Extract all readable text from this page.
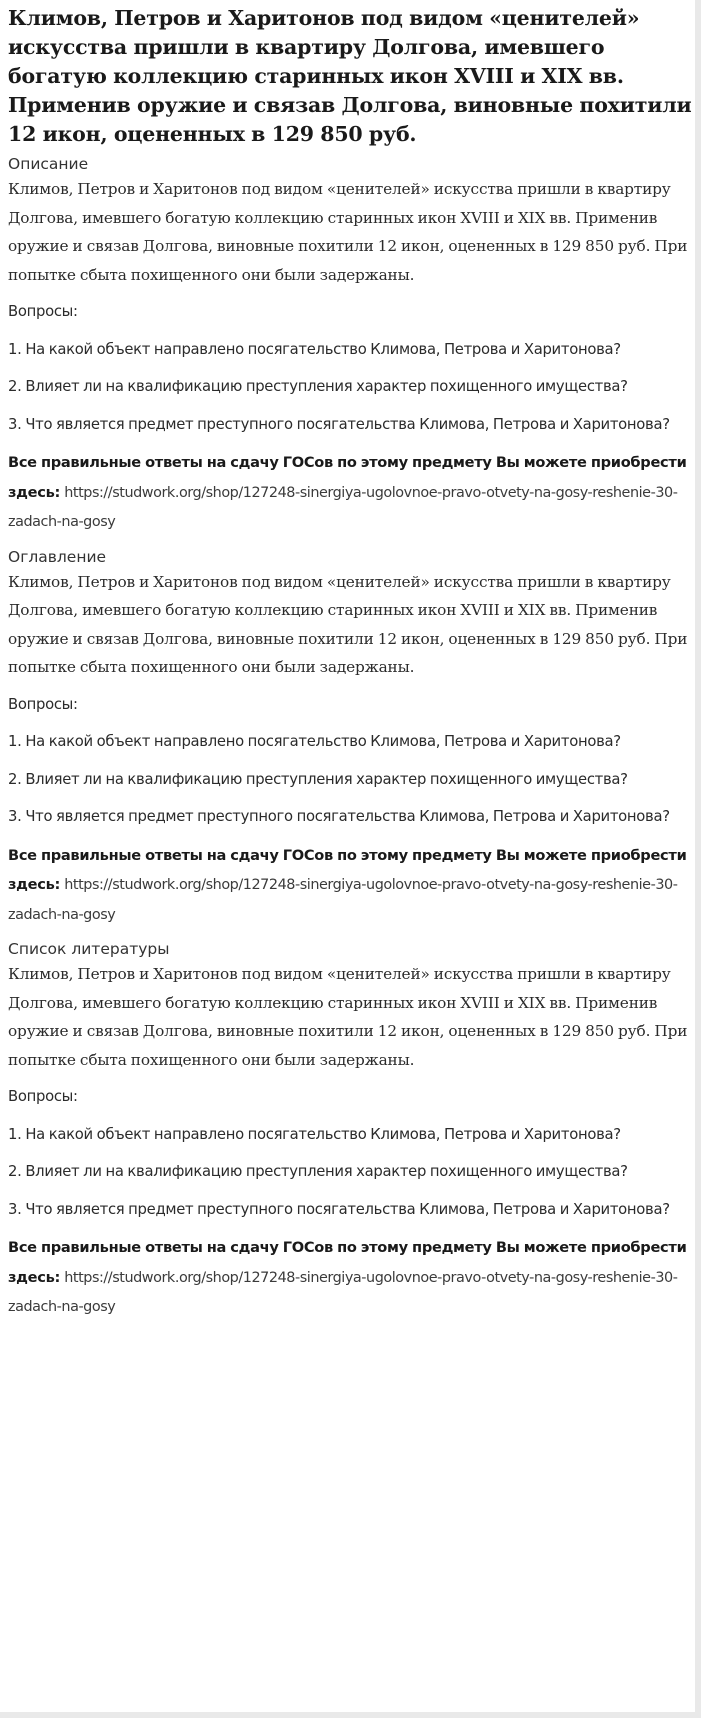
Климов, Петров и Харитонов под видом «ценителей» искусства пришли в квартиру Долгова, имевшего богатую коллекцию старинных икон XVIII и XIX вв. Применив оружие и связав Долгова, виновные похитили 12 икон, оцененных в 129 850 руб.
Описание

Климов, Петров и Харитонов под видом «ценителей» искусства пришли в квартиру Долгова, имевшего богатую коллекцию старинных икон XVIII и XIX вв. Применив оружие и связав Долгова, виновные похитили 12 икон, оцененных в 129 850 руб. При попытке сбыта похищенного они были задержаны.

Вопросы:

1. На какой объект направлено посягательство Климова, Петрова и Харитонова?

2. Влияет ли на квалификацию преступления характер похищенного имущества?

3. Что является предмет преступного посягательства Климова, Петрова и Харитонова?

Все правильные ответы на сдачу ГОСов по этому предмету Вы можете приобрести здесь: https://studwork.org/shop/127248-sinergiya-ugolovnoe-pravo-otvety-na-gosy-reshenie-30-zadach-na-gosy

Оглавление

Климов, Петров и Харитонов под видом «ценителей» искусства пришли в квартиру Долгова, имевшего богатую коллекцию старинных икон XVIII и XIX вв. Применив оружие и связав Долгова, виновные похитили 12 икон, оцененных в 129 850 руб. При попытке сбыта похищенного они были задержаны.

Вопросы:

1. На какой объект направлено посягательство Климова, Петрова и Харитонова?

2. Влияет ли на квалификацию преступления характер похищенного имущества?

3. Что является предмет преступного посягательства Климова, Петрова и Харитонова?

Все правильные ответы на сдачу ГОСов по этому предмету Вы можете приобрести здесь: https://studwork.org/shop/127248-sinergiya-ugolovnoe-pravo-otvety-na-gosy-reshenie-30-zadach-na-gosy

Список литературы

Климов, Петров и Харитонов под видом «ценителей» искусства пришли в квартиру Долгова, имевшего богатую коллекцию старинных икон XVIII и XIX вв. Применив оружие и связав Долгова, виновные похитили 12 икон, оцененных в 129 850 руб. При попытке сбыта похищенного они были задержаны.

Вопросы:

1. На какой объект направлено посягательство Климова, Петрова и Харитонова?

2. Влияет ли на квалификацию преступления характер похищенного имущества?

3. Что является предмет преступного посягательства Климова, Петрова и Харитонова?

Все правильные ответы на сдачу ГОСов по этому предмету Вы можете приобрести здесь: https://studwork.org/shop/127248-sinergiya-ugolovnoe-pravo-otvety-na-gosy-reshenie-30-zadach-na-gosy
